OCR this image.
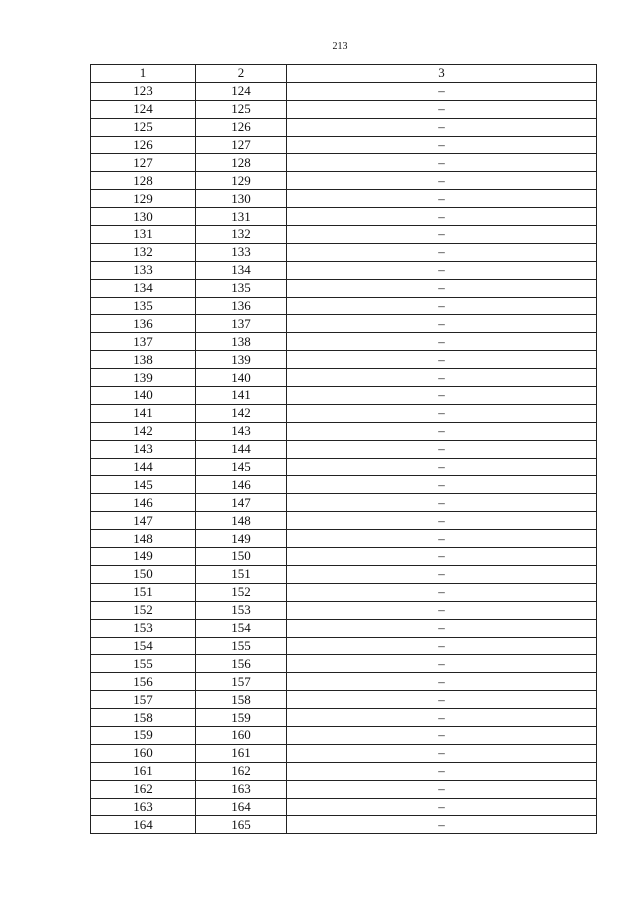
213
1	2	3
123	124	–
124	125	–
125	126	–
126	127	–
127	128	–
128	129	–
129	130	–
130	131	–
131	132	–
132	133	–
133	134	–
134	135	–
135	136	–
136	137	–
137	138	–
138	139	–
139	140	–
140	141	–
141	142	–
142	143	–
143	144	–
144	145	–
145	146	–
146	147	–
147	148	–
148	149	–
149	150	–
150	151	–
151	152	–
152	153	–
153	154	–
154	155	–
155	156	–
156	157	–
157	158	–
158	159	–
159	160	–
160	161	–
161	162	–
162	163	–
163	164	–
164	165	–
